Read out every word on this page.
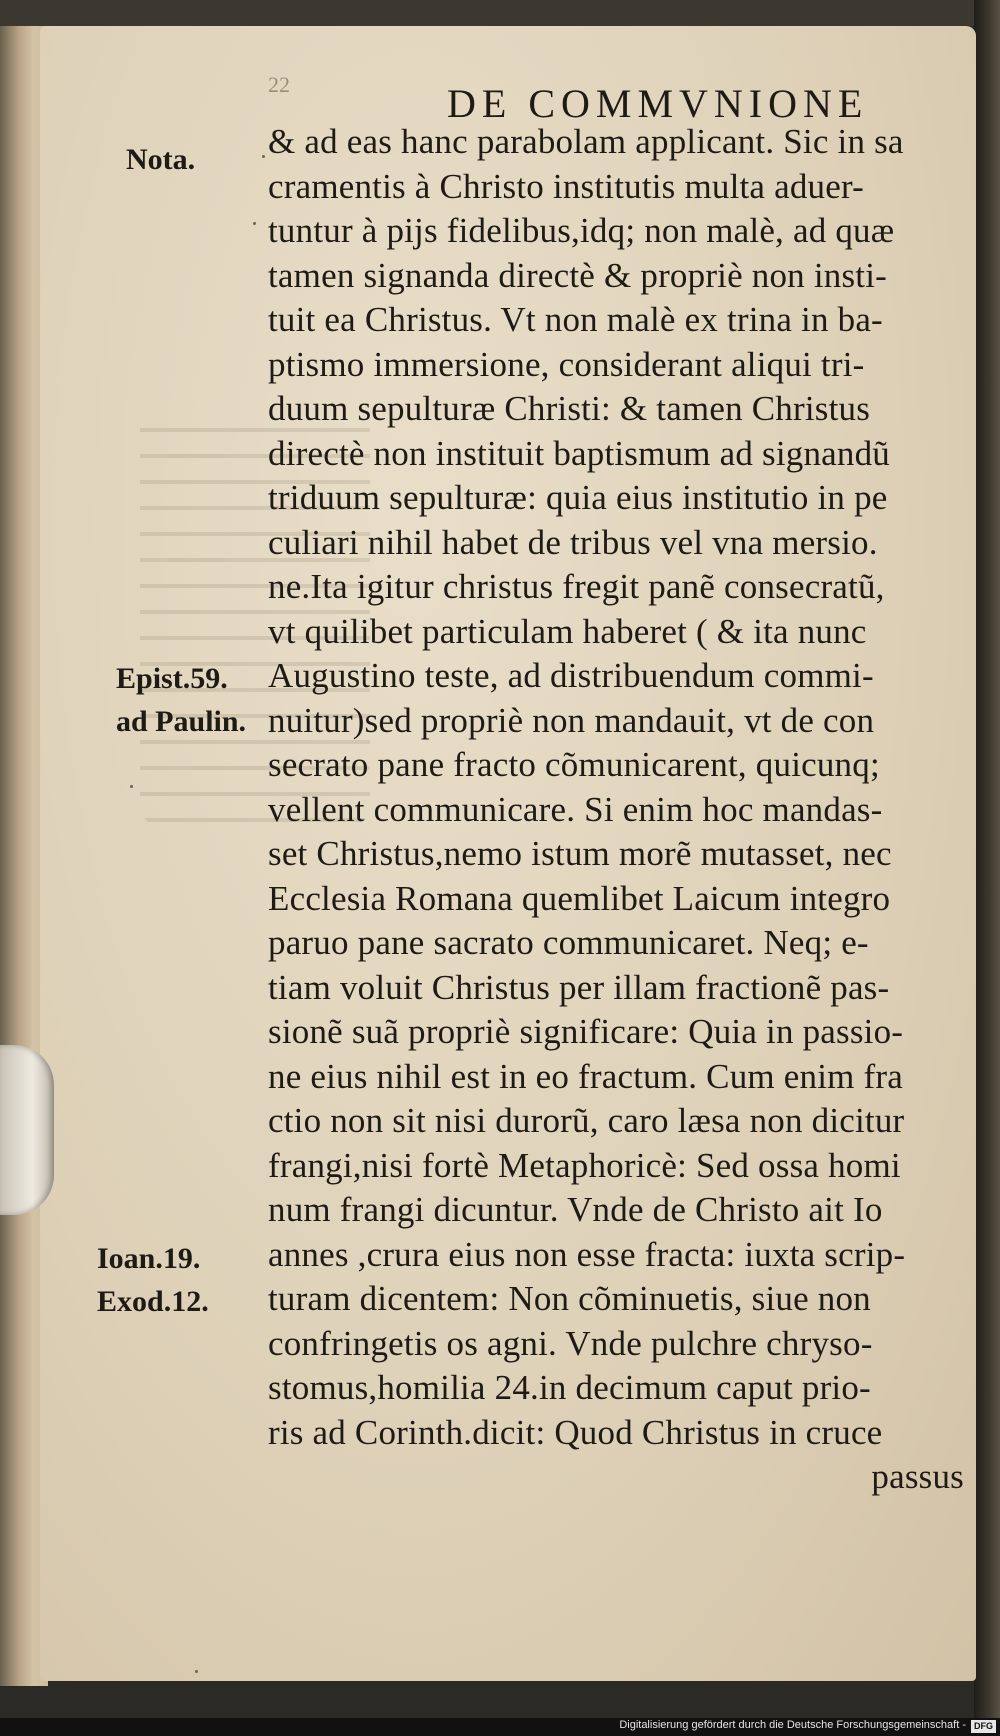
22	DE COMMVNIONE
Nota.
Epist.59.
ad Paulin.
Ioan.19.
Exod.12.
& ad eas hanc parabolam applicant. Sic in sa
cramentis à Christo institutis multa aduer-
tuntur à pijs fidelibus,idq; non malè, ad quæ
tamen signanda directè & propriè non insti-
tuit ea Christus. Vt non malè ex trina in ba-
ptismo immersione, considerant aliqui tri-
duum sepulturæ Christi: & tamen Christus
directè non instituit baptismum ad signandũ
triduum sepulturæ: quia eius institutio in pe
culiari nihil habet de tribus vel vna mersio.
ne.Ita igitur christus fregit panẽ consecratũ,
vt quilibet particulam haberet ( & ita nunc
Augustino teste, ad distribuendum commi-
nuitur)sed propriè non mandauit, vt de con
secrato pane fracto cõmunicarent, quicunq;
vellent communicare. Si enim hoc mandas-
set Christus,nemo istum morẽ mutasset, nec
Ecclesia Romana quemlibet Laicum integro
paruo pane sacrato communicaret. Neq; e-
tiam voluit Christus per illam fractionẽ pas-
sionẽ suã propriè significare: Quia in passio-
ne eius nihil est in eo fractum. Cum enim fra
ctio non sit nisi durorũ, caro læsa non dicitur
frangi,nisi fortè Metaphoricè: Sed ossa homi
num frangi dicuntur. Vnde de Christo ait Io
annes ,crura eius non esse fracta: iuxta scrip-
turam dicentem: Non cõminuetis, siue non
confringetis os agni. Vnde pulchre chryso-
stomus,homilia 24.in decimum caput prio-
ris ad Corinth.dicit: Quod Christus in cruce
passus
Digitalisierung gefördert durch die Deutsche Forschungsgemeinschaft - DFG
